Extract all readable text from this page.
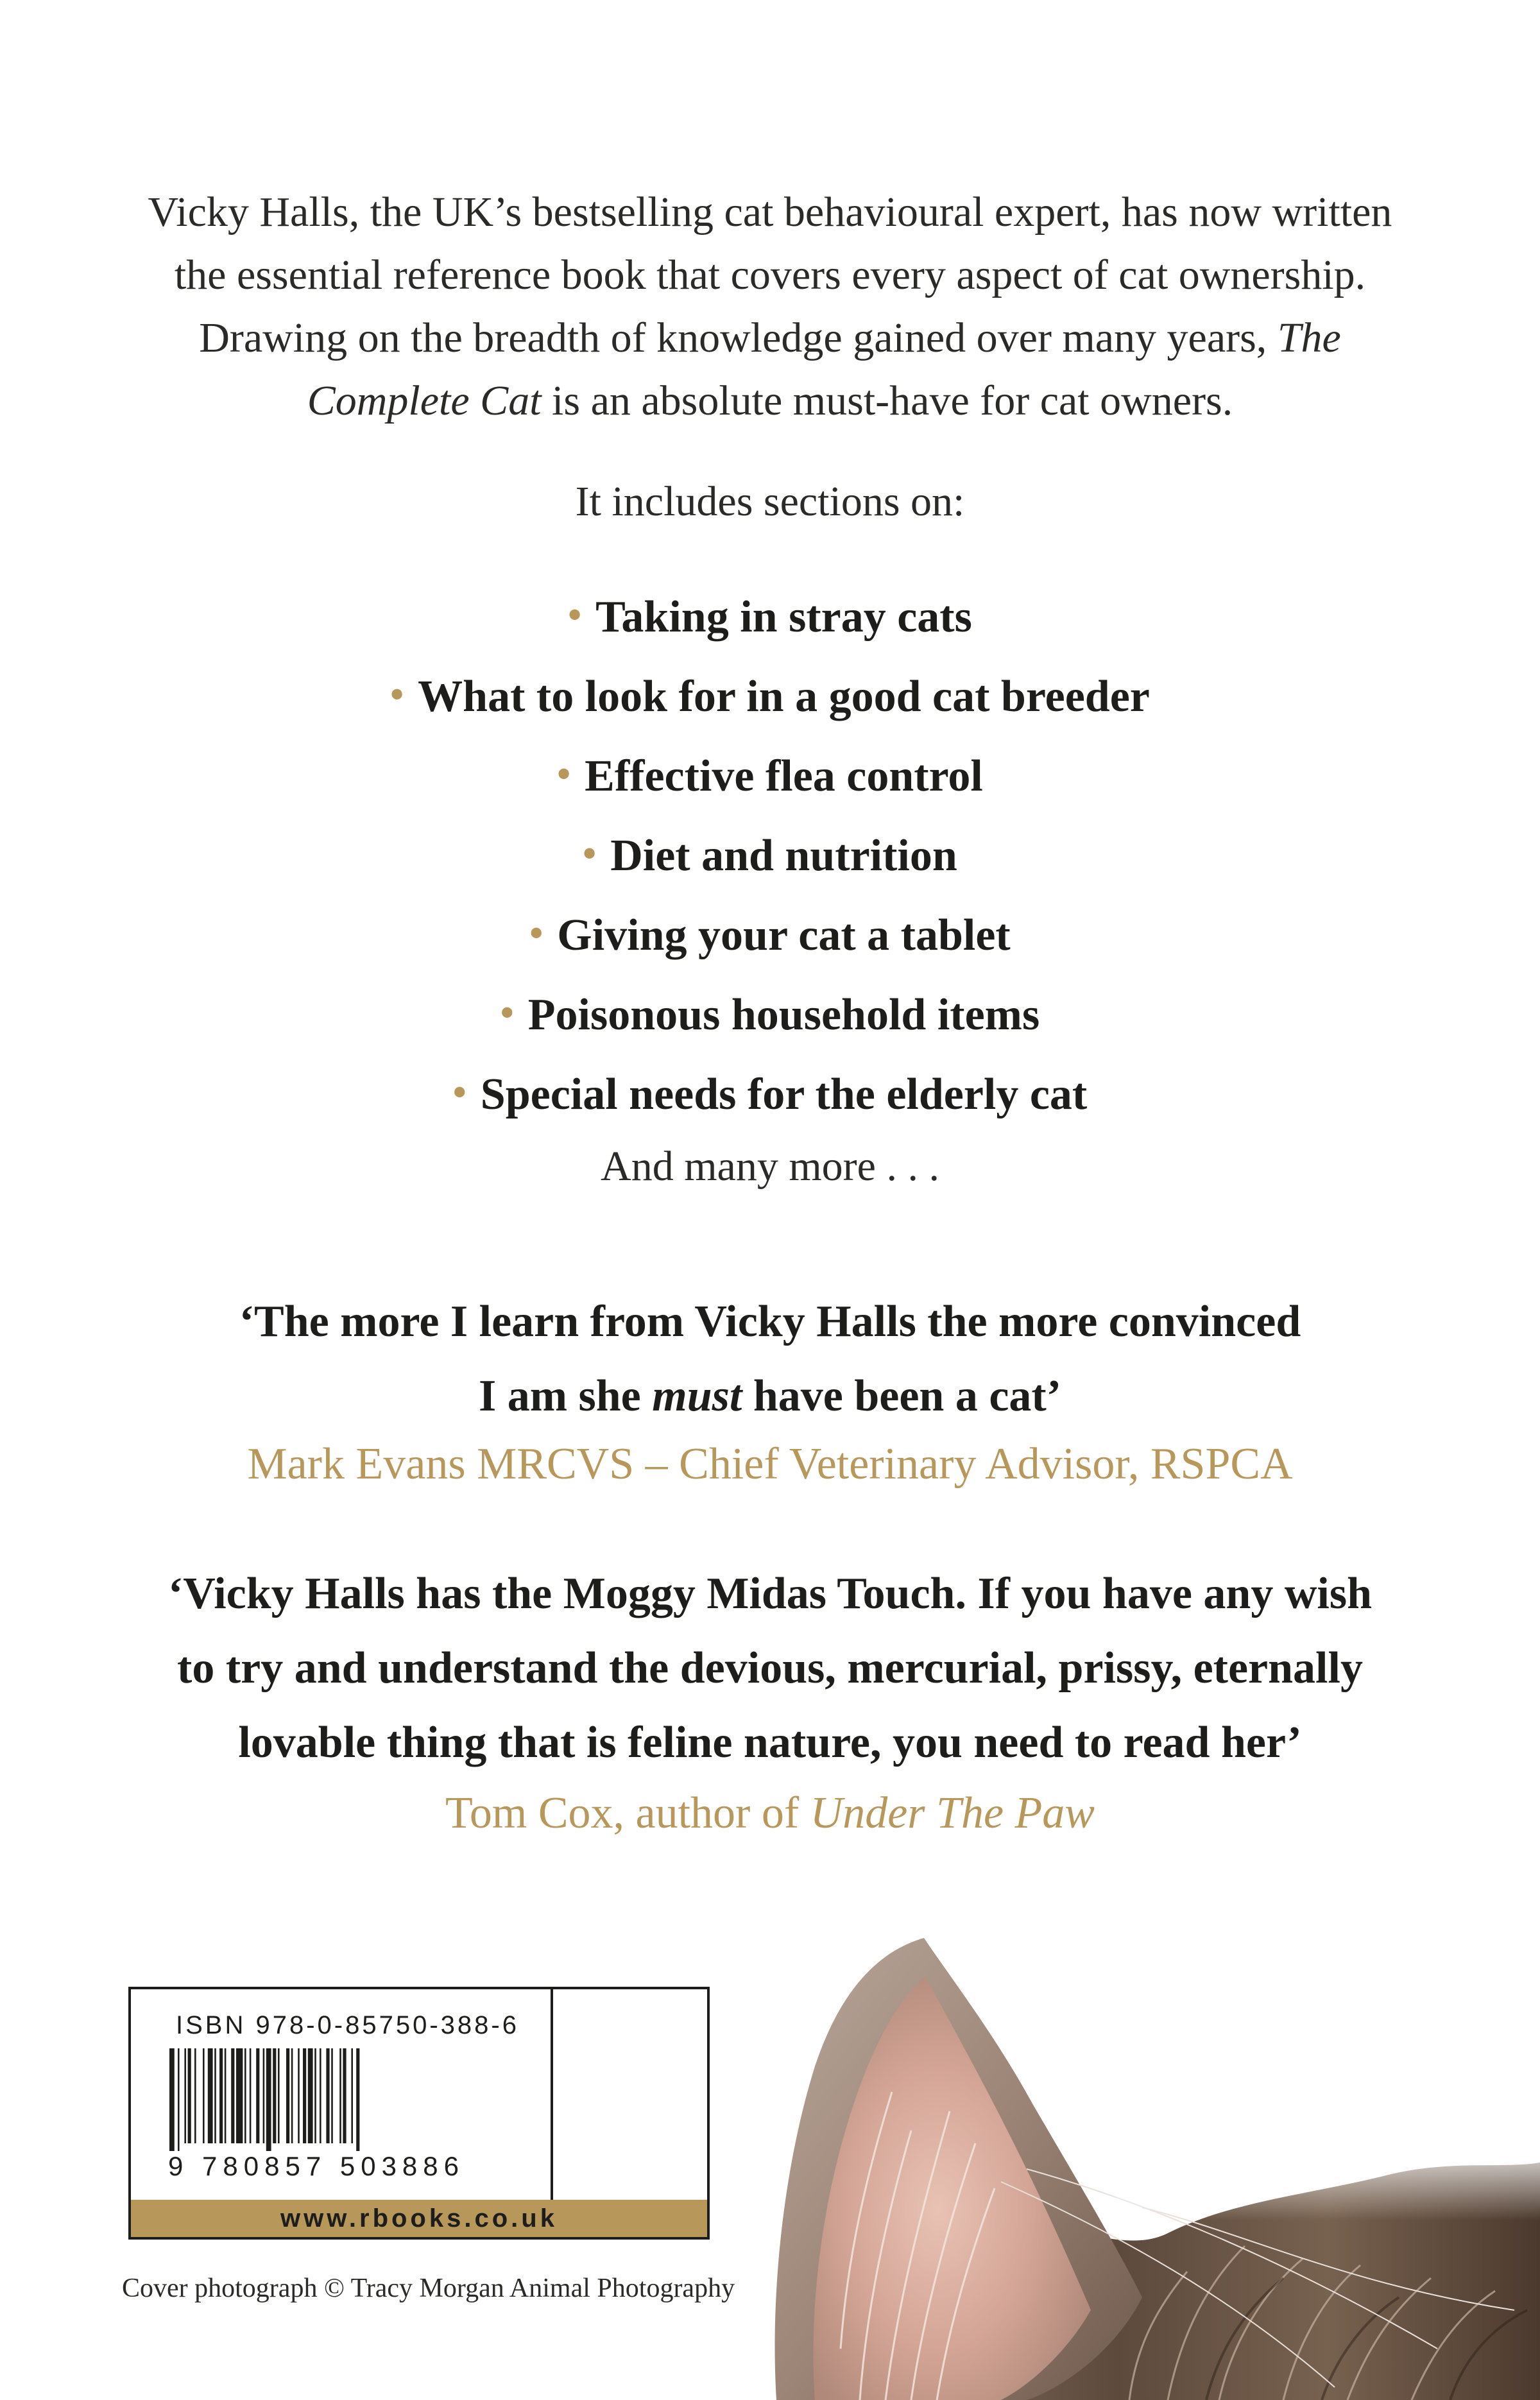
Vicky Halls, the UK’s bestselling cat behavioural expert, has now written the essential reference book that covers every aspect of cat ownership. Drawing on the breadth of knowledge gained over many years, The Complete Cat is an absolute must-have for cat owners.

It includes sections on:

• Taking in stray cats
• What to look for in a good cat breeder
• Effective flea control
• Diet and nutrition
• Giving your cat a tablet
• Poisonous household items
• Special needs for the elderly cat

And many more . . .

‘The more I learn from Vicky Halls the more convinced
I am she must have been a cat’
Mark Evans MRCVS – Chief Veterinary Advisor, RSPCA
‘Vicky Halls has the Moggy Midas Touch. If you have any wish
to try and understand the devious, mercurial, prissy, eternally
lovable thing that is feline nature, you need to read her’
Tom Cox, author of Under The Paw
ISBN 978-0-85750-388-6
9 780857 503886
www.rbooks.co.uk
Cover photograph © Tracy Morgan Animal Photography
